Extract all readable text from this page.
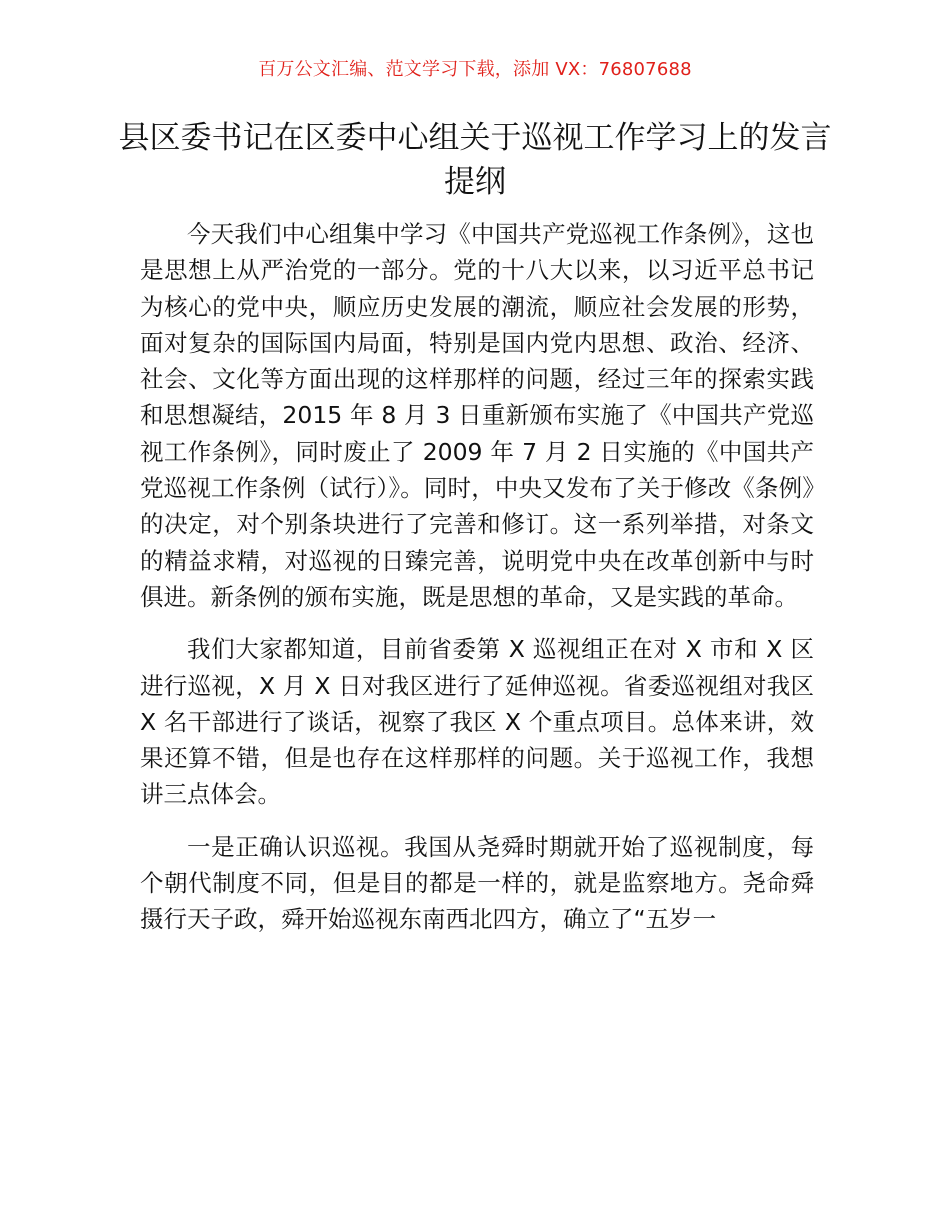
百万公文汇编、范文学习下载，添加 VX：76807688
县区委书记在区委中心组关于巡视工作学习上的发言提纲

今天我们中心组集中学习《中国共产党巡视工作条例》，这也是思想上从严治党的一部分。党的十八大以来，以习近平总书记为核心的党中央，顺应历史发展的潮流，顺应社会发展的形势，面对复杂的国际国内局面，特别是国内党内思想、政治、经济、社会、文化等方面出现的这样那样的问题，经过三年的探索实践和思想凝结，2015 年 8 月 3 日重新颁布实施了《中国共产党巡视工作条例》，同时废止了 2009 年 7 月 2 日实施的《中国共产党巡视工作条例（试行）》。同时，中央又发布了关于修改《条例》的决定，对个别条块进行了完善和修订。这一系列举措，对条文的精益求精，对巡视的日臻完善，说明党中央在改革创新中与时俱进。新条例的颁布实施，既是思想的革命，又是实践的革命。

我们大家都知道，目前省委第 X 巡视组正在对 X 市和 X 区进行巡视，X 月 X 日对我区进行了延伸巡视。省委巡视组对我区 X 名干部进行了谈话，视察了我区 X 个重点项目。总体来讲，效果还算不错，但是也存在这样那样的问题。关于巡视工作，我想讲三点体会。

一是正确认识巡视。我国从尧舜时期就开始了巡视制度，每个朝代制度不同，但是目的都是一样的，就是监察地方。尧命舜摄行天子政，舜开始巡视东南西北四方，确立了“五岁一
